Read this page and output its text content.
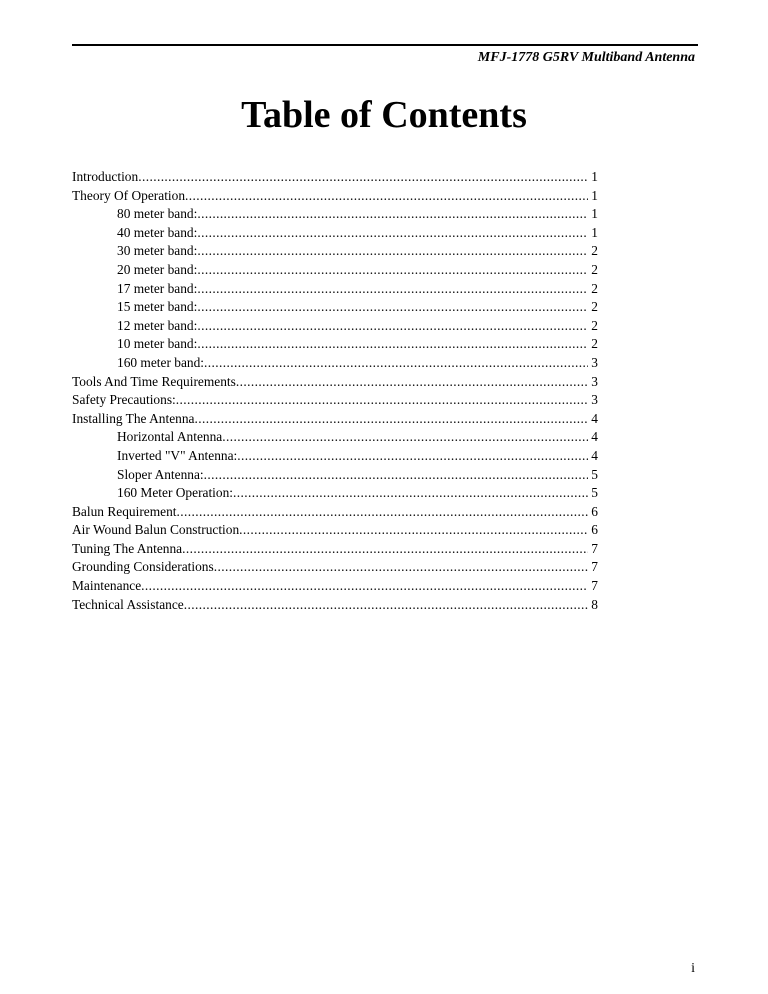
MFJ-1778 G5RV Multiband Antenna
Table of Contents
Introduction .....	1
Theory Of Operation .....	1
80 meter band: .....	1
40 meter band: .....	1
30 meter band: .....	2
20 meter band: .....	2
17 meter band: .....	2
15 meter band: .....	2
12 meter band: .....	2
10 meter band: .....	2
160 meter band: .....	3
Tools And Time Requirements .....	3
Safety Precautions: .....	3
Installing The Antenna .....	4
Horizontal Antenna .....	4
Inverted "V" Antenna: .....	4
Sloper Antenna: .....	5
160 Meter Operation: .....	5
Balun Requirement .....	6
Air Wound Balun Construction .....	6
Tuning The Antenna .....	7
Grounding Considerations .....	7
Maintenance .....	7
Technical Assistance .....	8
i
